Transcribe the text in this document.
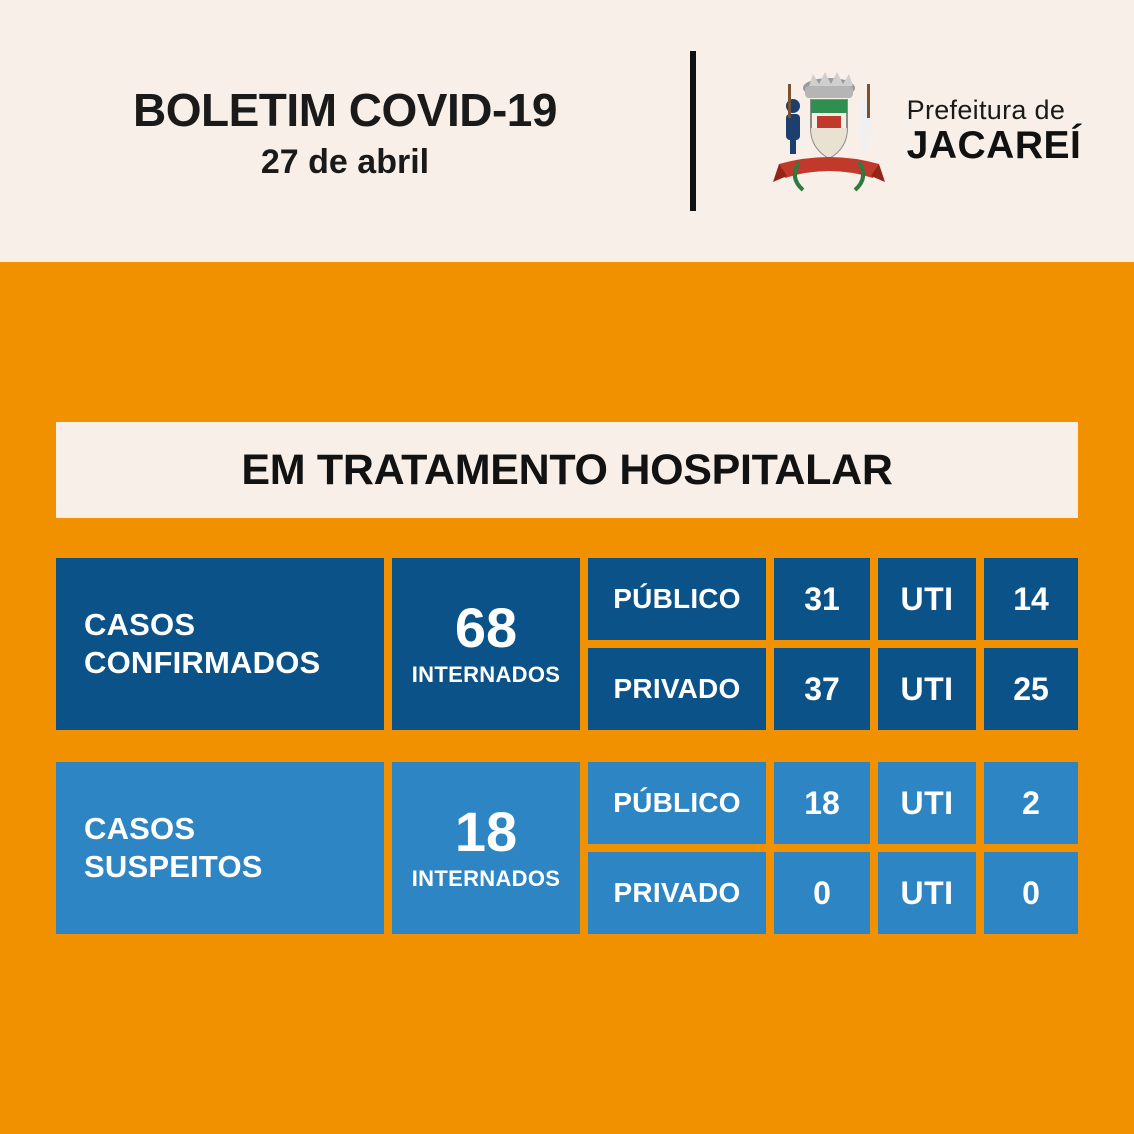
BOLETIM COVID-19
27 de abril
Prefeitura de
JACAREÍ
EM TRATAMENTO HOSPITALAR
CASOS
CONFIRMADOS
68
INTERNADOS
PÚBLICO	31	UTI	14
PRIVADO	37	UTI	25
CASOS
SUSPEITOS
18
INTERNADOS
PÚBLICO	18	UTI	2
PRIVADO	0	UTI	0
